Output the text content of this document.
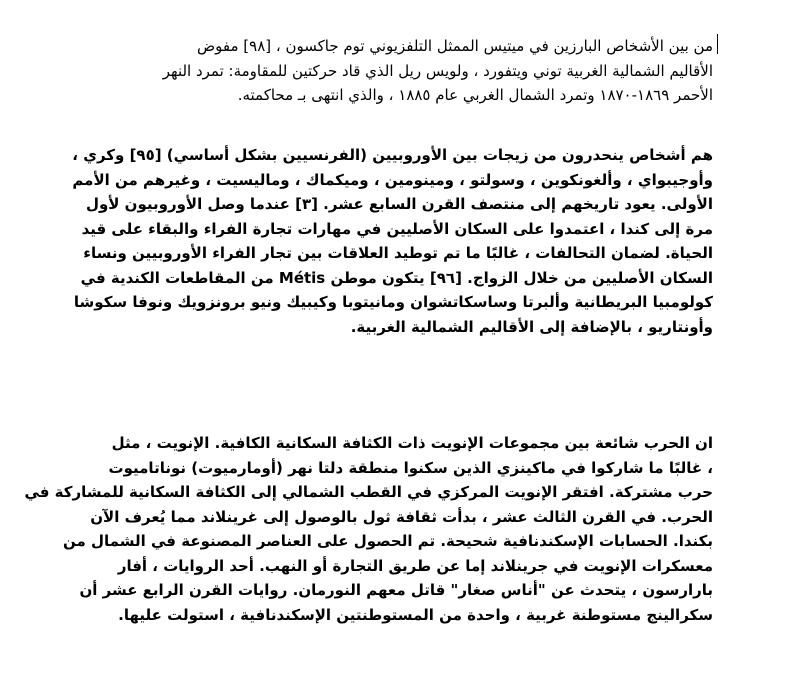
من بين الأشخاص البارزين في ميتيس الممثل التلفزيوني توم جاكسون ، [٩٨] مفوض
الأقاليم الشمالية الغربية توني ويتفورد ، ولويس ريل الذي قاد حركتين للمقاومة: تمرد النهر
الأحمر ١٨٦٩-١٨٧٠ وتمرد الشمال الغربي عام ١٨٨٥ ، والذي انتهى بـ محاكمته.
هم أشخاص ينحدرون من زيجات بين الأوروبيين (الفرنسيين بشكل أساسي) [٩٥] وكري ،
وأوجيبواي ، وألغونكوين ، وسولتو ، ومينومين ، وميكماك ، وماليسيت ، وغيرهم من الأمم
الأولى. يعود تاريخهم إلى منتصف القرن السابع عشر. [٣] عندما وصل الأوروبيون لأول
مرة إلى كندا ، اعتمدوا على السكان الأصليين في مهارات تجارة الفراء والبقاء على قيد
الحياة. لضمان التحالفات ، غالبًا ما تم توطيد العلاقات بين تجار الفراء الأوروبيين ونساء
السكان الأصليين من خلال الزواج. [٩٦] يتكون موطن Métis من المقاطعات الكندية في
كولومبيا البريطانية وألبرتا وساسكاتشوان ومانيتوبا وكيبيك ونيو برونزويك ونوفا سكوشا
وأونتاريو ، بالإضافة إلى الأقاليم الشمالية الغربية.
ان الحرب شائعة بين مجموعات الإنويت ذات الكثافة السكانية الكافية. الإنويت ، مثل
، غالبًا ما شاركوا في ماكينزي الذين سكنوا منطقة دلتا نهر (أومارميوت) نوناتاميوت
حرب مشتركة. افتقر الإنويت المركزي في القطب الشمالي إلى الكثافة السكانية للمشاركة في
الحرب. في القرن الثالث عشر ، بدأت ثقافة ثول بالوصول إلى غرينلاند مما يُعرف الآن
بكندا. الحسابات الإسكندنافية شحيحة. تم الحصول على العناصر المصنوعة في الشمال من
معسكرات الإنويت في جرينلاند إما عن طريق التجارة أو النهب. أحد الروايات ، أفار
بارارسون ، يتحدث عن "أناس صغار" قاتل معهم النورمان. روايات القرن الرابع عشر أن
سكرالينج مستوطنة غربية ، واحدة من المستوطنتين الإسكندنافية ، استولت عليها.
